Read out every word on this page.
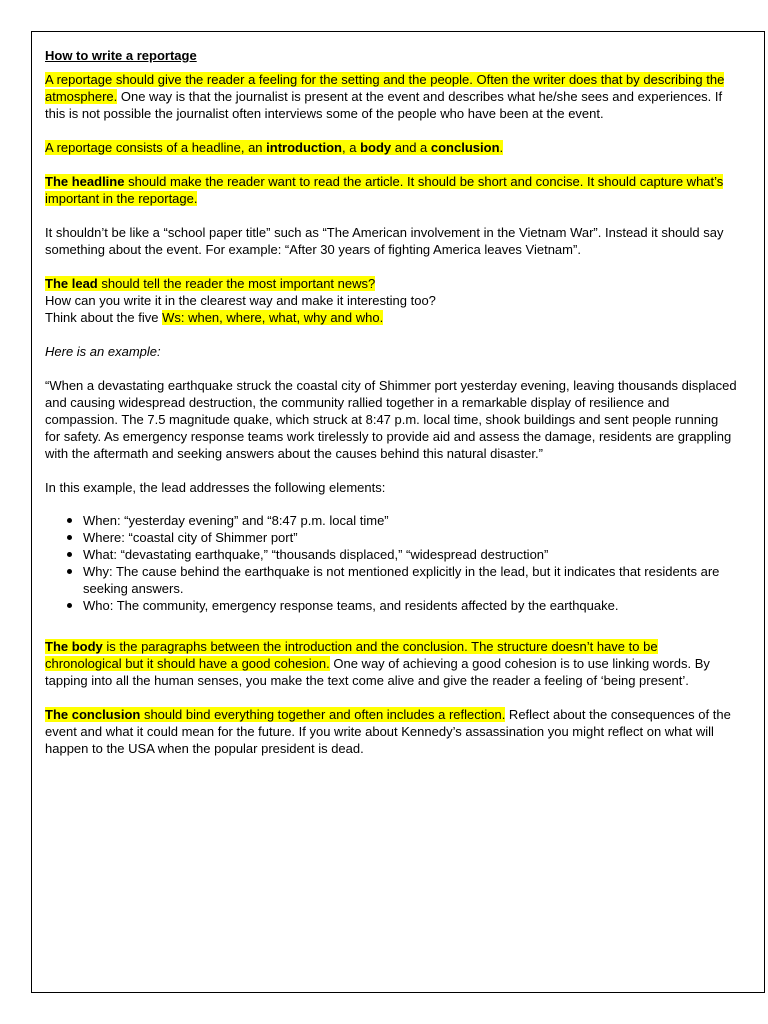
How to write a reportage

A reportage should give the reader a feeling for the setting and the people. Often the writer does that by describing the atmosphere. One way is that the journalist is present at the event and describes what he/she sees and experiences. If this is not possible the journalist often interviews some of the people who have been at the event.

A reportage consists of a headline, an introduction, a body and a conclusion.

The headline should make the reader want to read the article. It should be short and concise. It should capture what’s important in the reportage.

It shouldn’t be like a “school paper title” such as “The American involvement in the Vietnam War”. Instead it should say something about the event. For example: “After 30 years of fighting America leaves Vietnam”.

The lead should tell the reader the most important news?
How can you write it in the clearest way and make it interesting too?
Think about the five Ws: when, where, what, why and who.

Here is an example:

“When a devastating earthquake struck the coastal city of Shimmer port yesterday evening, leaving thousands displaced and causing widespread destruction, the community rallied together in a remarkable display of resilience and compassion. The 7.5 magnitude quake, which struck at 8:47 p.m. local time, shook buildings and sent people running for safety. As emergency response teams work tirelessly to provide aid and assess the damage, residents are grappling with the aftermath and seeking answers about the causes behind this natural disaster.”

In this example, the lead addresses the following elements:

When: “yesterday evening” and “8:47 p.m. local time”
Where: “coastal city of Shimmer port”
What: “devastating earthquake,” “thousands displaced,” “widespread destruction”
Why: The cause behind the earthquake is not mentioned explicitly in the lead, but it indicates that residents are seeking answers.
Who: The community, emergency response teams, and residents affected by the earthquake.

The body is the paragraphs between the introduction and the conclusion. The structure doesn’t have to be chronological but it should have a good cohesion. One way of achieving a good cohesion is to use linking words. By tapping into all the human senses, you make the text come alive and give the reader a feeling of ‘being present’.

The conclusion should bind everything together and often includes a reflection. Reflect about the consequences of the event and what it could mean for the future. If you write about Kennedy’s assassination you might reflect on what will happen to the USA when the popular president is dead.
